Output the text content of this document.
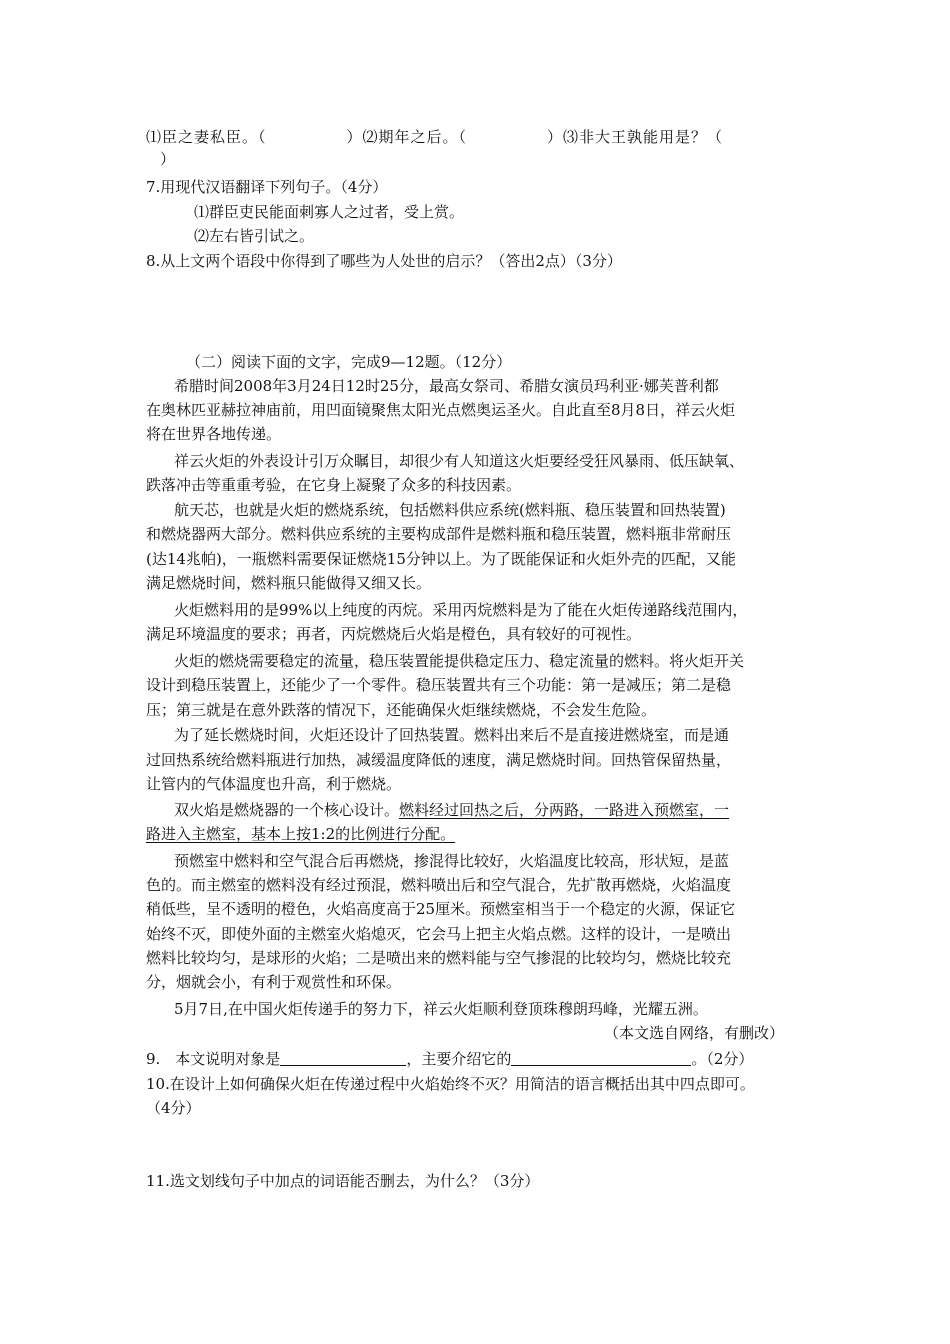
⑴臣之妻私臣。（　　　　　）⑵期年之后。（　　　　　）⑶非大王孰能用是？（
）
7.用现代汉语翻译下列句子。（4分）
⑴群臣吏民能面刺寡人之过者，受上赏。
⑵左右皆引试之。
8.从上文两个语段中你得到了哪些为人处世的启示？（答出2点）（3分）
（二）阅读下面的文字，完成9—12题。（12分）
希腊时间2008年3月24日12时25分，最高女祭司、希腊女演员玛利亚·娜芙普利都
在奥林匹亚赫拉神庙前，用凹面镜聚焦太阳光点燃奥运圣火。自此直至8月8日，祥云火炬
将在世界各地传递。
祥云火炬的外表设计引万众瞩目，却很少有人知道这火炬要经受狂风暴雨、低压缺氧、
跌落冲击等重重考验，在它身上凝聚了众多的科技因素。
航天芯，也就是火炬的燃烧系统，包括燃料供应系统(燃料瓶、稳压装置和回热装置)
和燃烧器两大部分。燃料供应系统的主要构成部件是燃料瓶和稳压装置，燃料瓶非常耐压
(达14兆帕)，一瓶燃料需要保证燃烧15分钟以上。为了既能保证和火炬外壳的匹配，又能
满足燃烧时间，燃料瓶只能做得又细又长。
火炬燃料用的是99%以上纯度的丙烷。采用丙烷燃料是为了能在火炬传递路线范围内，
满足环境温度的要求；再者，丙烷燃烧后火焰是橙色，具有较好的可视性。
火炬的燃烧需要稳定的流量，稳压装置能提供稳定压力、稳定流量的燃料。将火炬开关
设计到稳压装置上，还能少了一个零件。稳压装置共有三个功能：第一是减压；第二是稳
压；第三就是在意外跌落的情况下，还能确保火炬继续燃烧，不会发生危险。
为了延长燃烧时间，火炬还设计了回热装置。燃料出来后不是直接进燃烧室，而是通
过回热系统给燃料瓶进行加热，减缓温度降低的速度，满足燃烧时间。回热管保留热量，
让管内的气体温度也升高，利于燃烧。
双火焰是燃烧器的一个核心设计。燃料经过回热之后，分两路，一路进入预燃室，一
路进入主燃室，基本上按1:2的比例进行分配。
预燃室中燃料和空气混合后再燃烧，掺混得比较好，火焰温度比较高，形状短，是蓝
色的。而主燃室的燃料没有经过预混，燃料喷出后和空气混合，先扩散再燃烧，火焰温度
稍低些，呈不透明的橙色，火焰高度高于25厘米。预燃室相当于一个稳定的火源，保证它
始终不灭，即使外面的主燃室火焰熄灭，它会马上把主火焰点燃。这样的设计，一是喷出
燃料比较均匀，是球形的火焰；二是喷出来的燃料能与空气掺混的比较均匀，燃烧比较充
分，烟就会小，有利于观赏性和环保。
5月7日,在中国火炬传递手的努力下，祥云火炬顺利登顶珠穆朗玛峰，光耀五洲。
（本文选自网络，有删改）
9.　本文说明对象是	，主要介绍它的	。（2分）
10.在设计上如何确保火炬在传递过程中火焰始终不灭？用简洁的语言概括出其中四点即可。
（4分）
11.选文划线句子中加点的词语能否删去，为什么？（3分）
